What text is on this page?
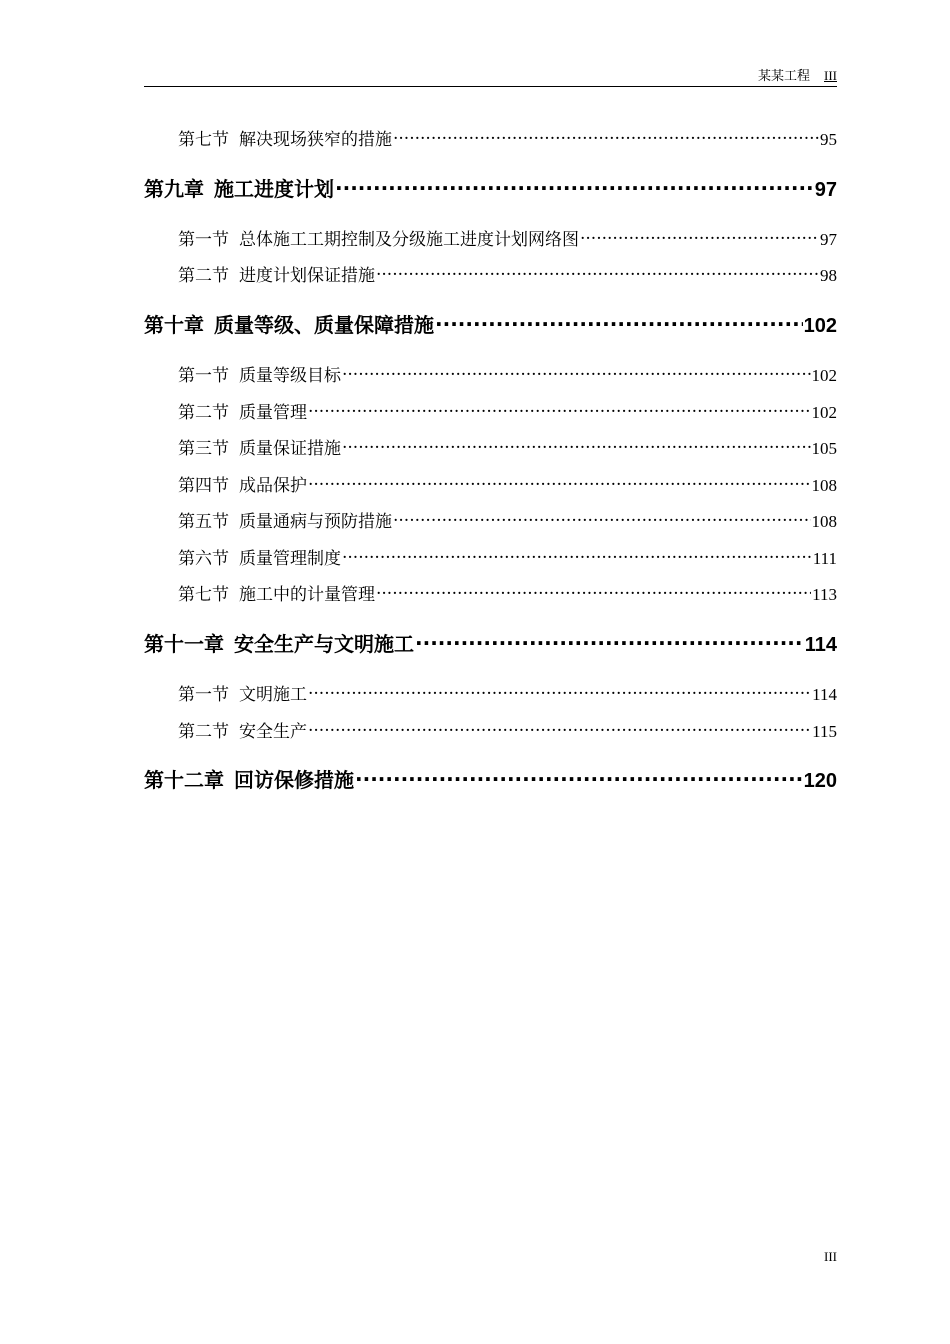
某某工程 III
第七节 解决现场狭窄的措施 .....	95
第九章 施工进度计划 .....	97
第一节 总体施工工期控制及分级施工进度计划网络图 .....	97
第二节 进度计划保证措施 .....	98
第十章 质量等级、质量保障措施 .....	102
第一节 质量等级目标 .....	102
第二节 质量管理 .....	102
第三节 质量保证措施 .....	105
第四节 成品保护 .....	108
第五节 质量通病与预防措施 .....	108
第六节 质量管理制度 .....	111
第七节 施工中的计量管理 .....	113
第十一章 安全生产与文明施工 .....	114
第一节 文明施工 .....	114
第二节 安全生产 .....	115
第十二章 回访保修措施 .....	120
III
